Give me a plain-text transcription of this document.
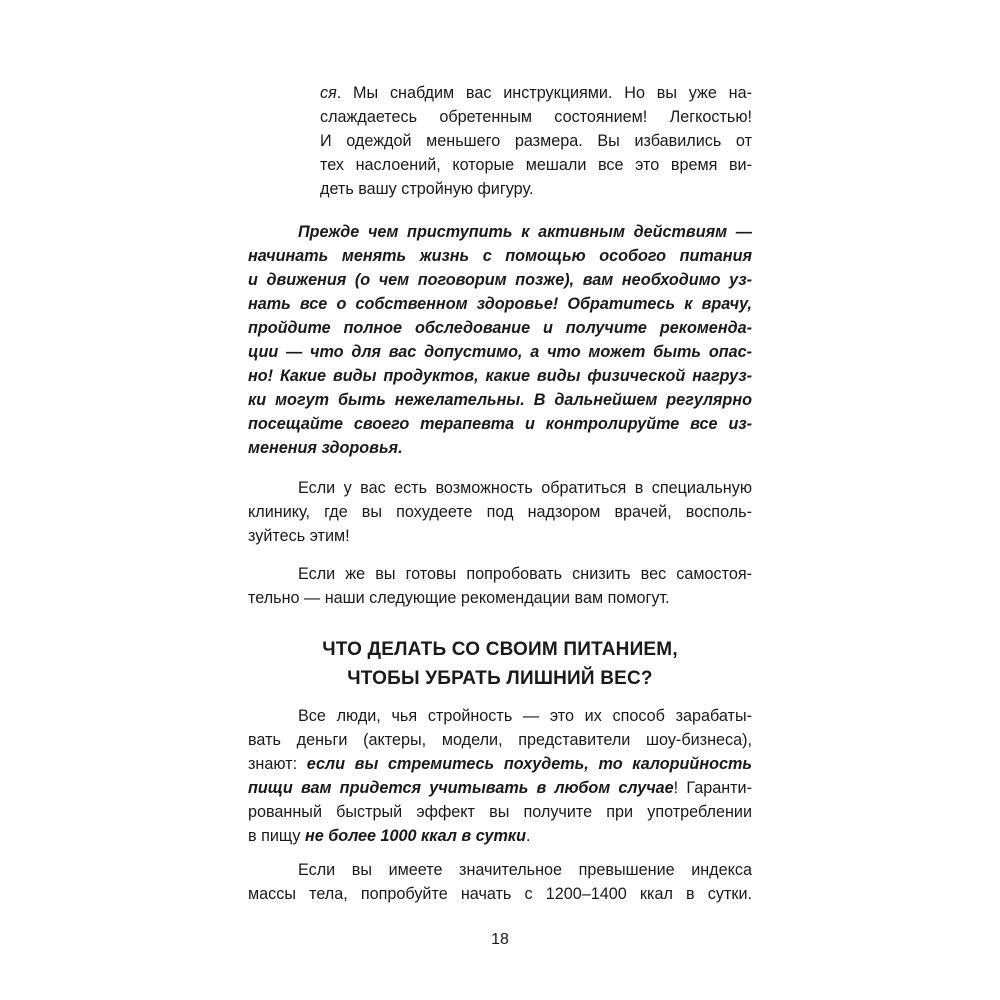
ся. Мы снабдим вас инструкциями. Но вы уже на-
слаждаетесь обретенным состоянием! Легкостью!
И одеждой меньшего размера. Вы избавились от
тех наслоений, которые мешали все это время ви-
деть вашу стройную фигуру.
Прежде чем приступить к активным действиям —
начинать менять жизнь с помощью особого питания
и движения (о чем поговорим позже), вам необходимо уз-
нать все о собственном здоровье! Обратитесь к врачу,
пройдите полное обследование и получите рекоменда-
ции — что для вас допустимо, а что может быть опас-
но! Какие виды продуктов, какие виды физической нагруз-
ки могут быть нежелательны. В дальнейшем регулярно
посещайте своего терапевта и контролируйте все из-
менения здоровья.
Если у вас есть возможность обратиться в специальную
клинику, где вы похудеете под надзором врачей, восполь-
зуйтесь этим!
Если же вы готовы попробовать снизить вес самостоя-
тельно — наши следующие рекомендации вам помогут.
ЧТО ДЕЛАТЬ СО СВОИМ ПИТАНИЕМ,
ЧТОБЫ УБРАТЬ ЛИШНИЙ ВЕС?
Все люди, чья стройность — это их способ зарабаты-
вать деньги (актеры, модели, представители шоу-бизнеса),
знают: если вы стремитесь похудеть, то калорийность
пищи вам придется учитывать в любом случае! Гаранти-
рованный быстрый эффект вы получите при употреблении
в пищу не более 1000 ккал в сутки.
Если вы имеете значительное превышение индекса
массы тела, попробуйте начать с 1200–1400 ккал в сутки.
18
